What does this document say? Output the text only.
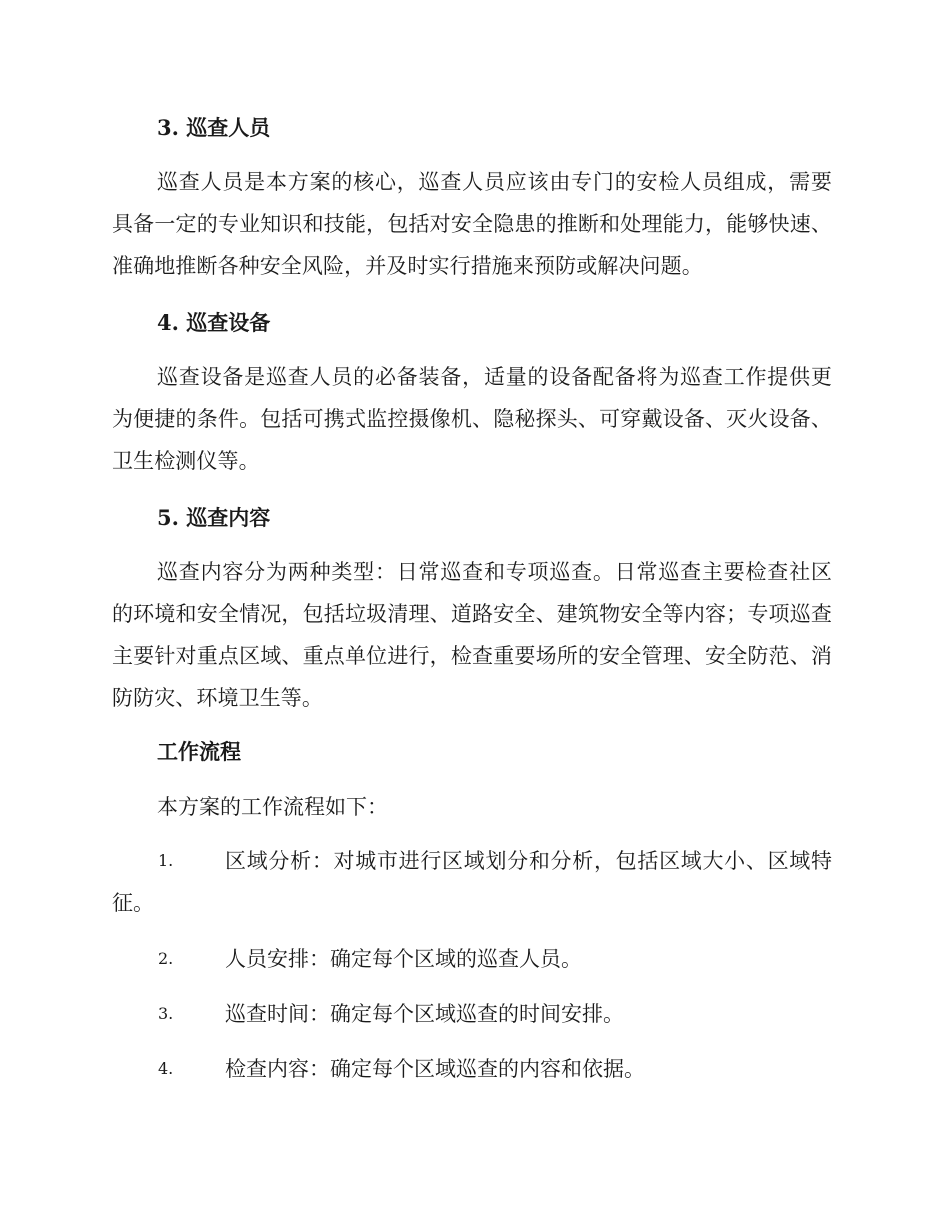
3. 巡查人员

巡查人员是本方案的核心，巡查人员应该由专门的安检人员组成，需要具备一定的专业知识和技能，包括对安全隐患的推断和处理能力，能够快速、准确地推断各种安全风险，并及时实行措施来预防或解决问题。

4. 巡查设备

巡查设备是巡查人员的必备装备，适量的设备配备将为巡查工作提供更为便捷的条件。包括可携式监控摄像机、隐秘探头、可穿戴设备、灭火设备、卫生检测仪等。

5. 巡查内容

巡查内容分为两种类型：日常巡查和专项巡查。日常巡查主要检查社区的环境和安全情况，包括垃圾清理、道路安全、建筑物安全等内容；专项巡查主要针对重点区域、重点单位进行，检查重要场所的安全管理、安全防范、消防防灾、环境卫生等。

工作流程
本方案的工作流程如下：
1.	区域分析：对城市进行区域划分和分析，包括区域大小、区域特征。
2.	人员安排：确定每个区域的巡查人员。
3.	巡查时间：确定每个区域巡查的时间安排。
4.	检查内容：确定每个区域巡查的内容和依据。
